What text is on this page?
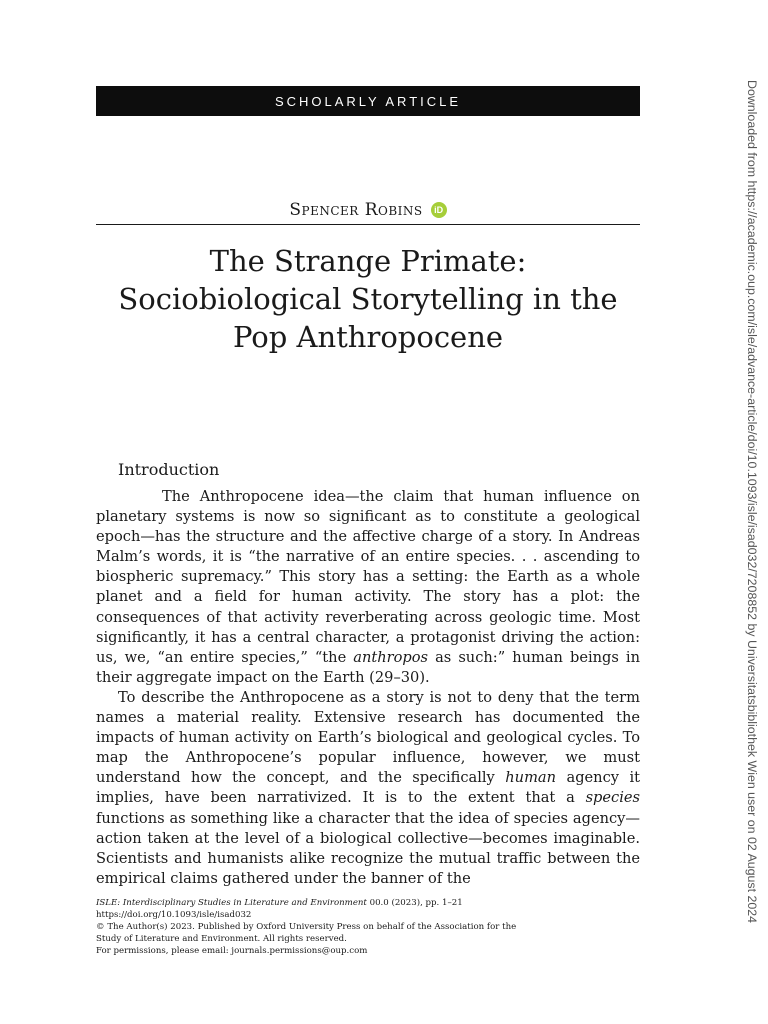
SCHOLARLY ARTICLE
Spencer Robins	iD
The Strange Primate: Sociobiological Storytelling in the Pop Anthropocene
Introduction

The Anthropocene idea—the claim that human influence on planetary systems is now so significant as to constitute a geological epoch—has the structure and the affective charge of a story. In Andreas Malm’s words, it is “the narrative of an entire species. . . ascending to biospheric supremacy.” This story has a setting: the Earth as a whole planet and a field for human activity. The story has a plot: the consequences of that activity reverberating across geologic time. Most significantly, it has a central character, a protagonist driving the action: us, we, “an entire species,” “the anthropos as such:” human beings in their aggregate impact on the Earth (29–30).

To describe the Anthropocene as a story is not to deny that the term names a material reality. Extensive research has documented the impacts of human activity on Earth’s biological and geological cycles. To map the Anthropocene’s popular influence, however, we must understand how the concept, and the specifically human agency it implies, have been narrativized. It is to the extent that a species functions as something like a character that the idea of species agency—action taken at the level of a biological collective—becomes imaginable. Scientists and humanists alike recognize the mutual traffic between the empirical claims gathered under the banner of the

ISLE: Interdisciplinary Studies in Literature and Environment 00.0 (2023), pp. 1–21
https://doi.org/10.1093/isle/isad032
© The Author(s) 2023. Published by Oxford University Press on behalf of the Association for the
Study of Literature and Environment. All rights reserved.
For permissions, please email: journals.permissions@oup.com
Downloaded from https://academic.oup.com/isle/advance-article/doi/10.1093/isle/isad032/7208852 by Universitatsbibliothek Wien user on 02 August 2024
